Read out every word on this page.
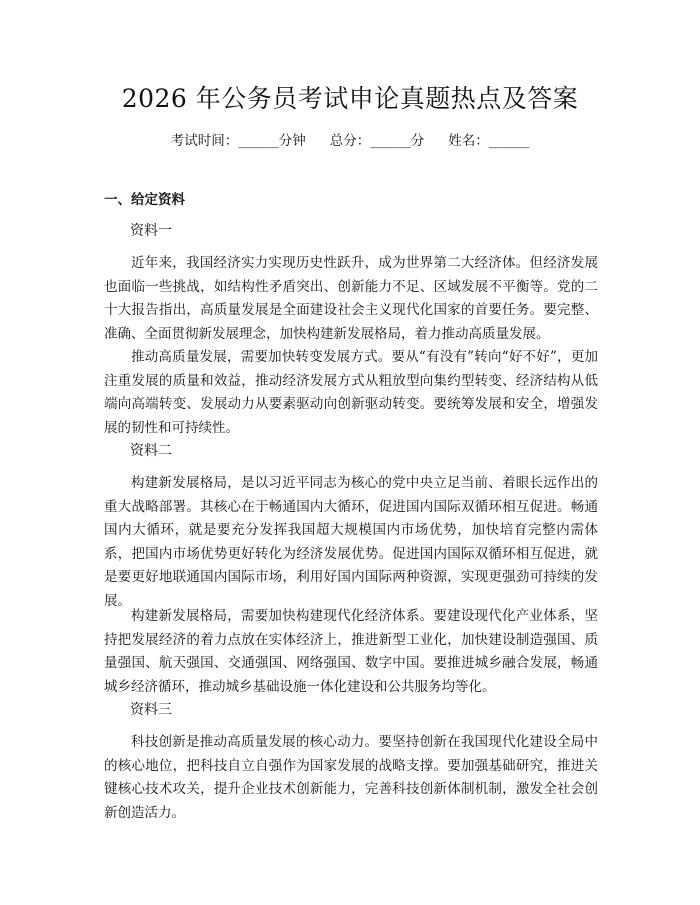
2026 年公务员考试申论真题热点及答案
考试时间：______分钟 总分：______分 姓名：______
一、给定资料
资料一

近年来，我国经济实力实现历史性跃升，成为世界第二大经济体。但经济发展也面临一些挑战，如结构性矛盾突出、创新能力不足、区域发展不平衡等。党的二十大报告指出，高质量发展是全面建设社会主义现代化国家的首要任务。要完整、准确、全面贯彻新发展理念，加快构建新发展格局，着力推动高质量发展。

推动高质量发展，需要加快转变发展方式。要从“有没有”转向“好不好”，更加注重发展的质量和效益，推动经济发展方式从粗放型向集约型转变、经济结构从低端向高端转变、发展动力从要素驱动向创新驱动转变。要统筹发展和安全，增强发展的韧性和可持续性。

资料二

构建新发展格局，是以习近平同志为核心的党中央立足当前、着眼长远作出的重大战略部署。其核心在于畅通国内大循环，促进国内国际双循环相互促进。畅通国内大循环，就是要充分发挥我国超大规模国内市场优势，加快培育完整内需体系，把国内市场优势更好转化为经济发展优势。促进国内国际双循环相互促进，就是要更好地联通国内国际市场，利用好国内国际两种资源，实现更强劲可持续的发展。

构建新发展格局，需要加快构建现代化经济体系。要建设现代化产业体系，坚持把发展经济的着力点放在实体经济上，推进新型工业化，加快建设制造强国、质量强国、航天强国、交通强国、网络强国、数字中国。要推进城乡融合发展，畅通城乡经济循环，推动城乡基础设施一体化建设和公共服务均等化。

资料三

科技创新是推动高质量发展的核心动力。要坚持创新在我国现代化建设全局中的核心地位，把科技自立自强作为国家发展的战略支撑。要加强基础研究，推进关键核心技术攻关，提升企业技术创新能力，完善科技创新体制机制，激发全社会创新创造活力。
